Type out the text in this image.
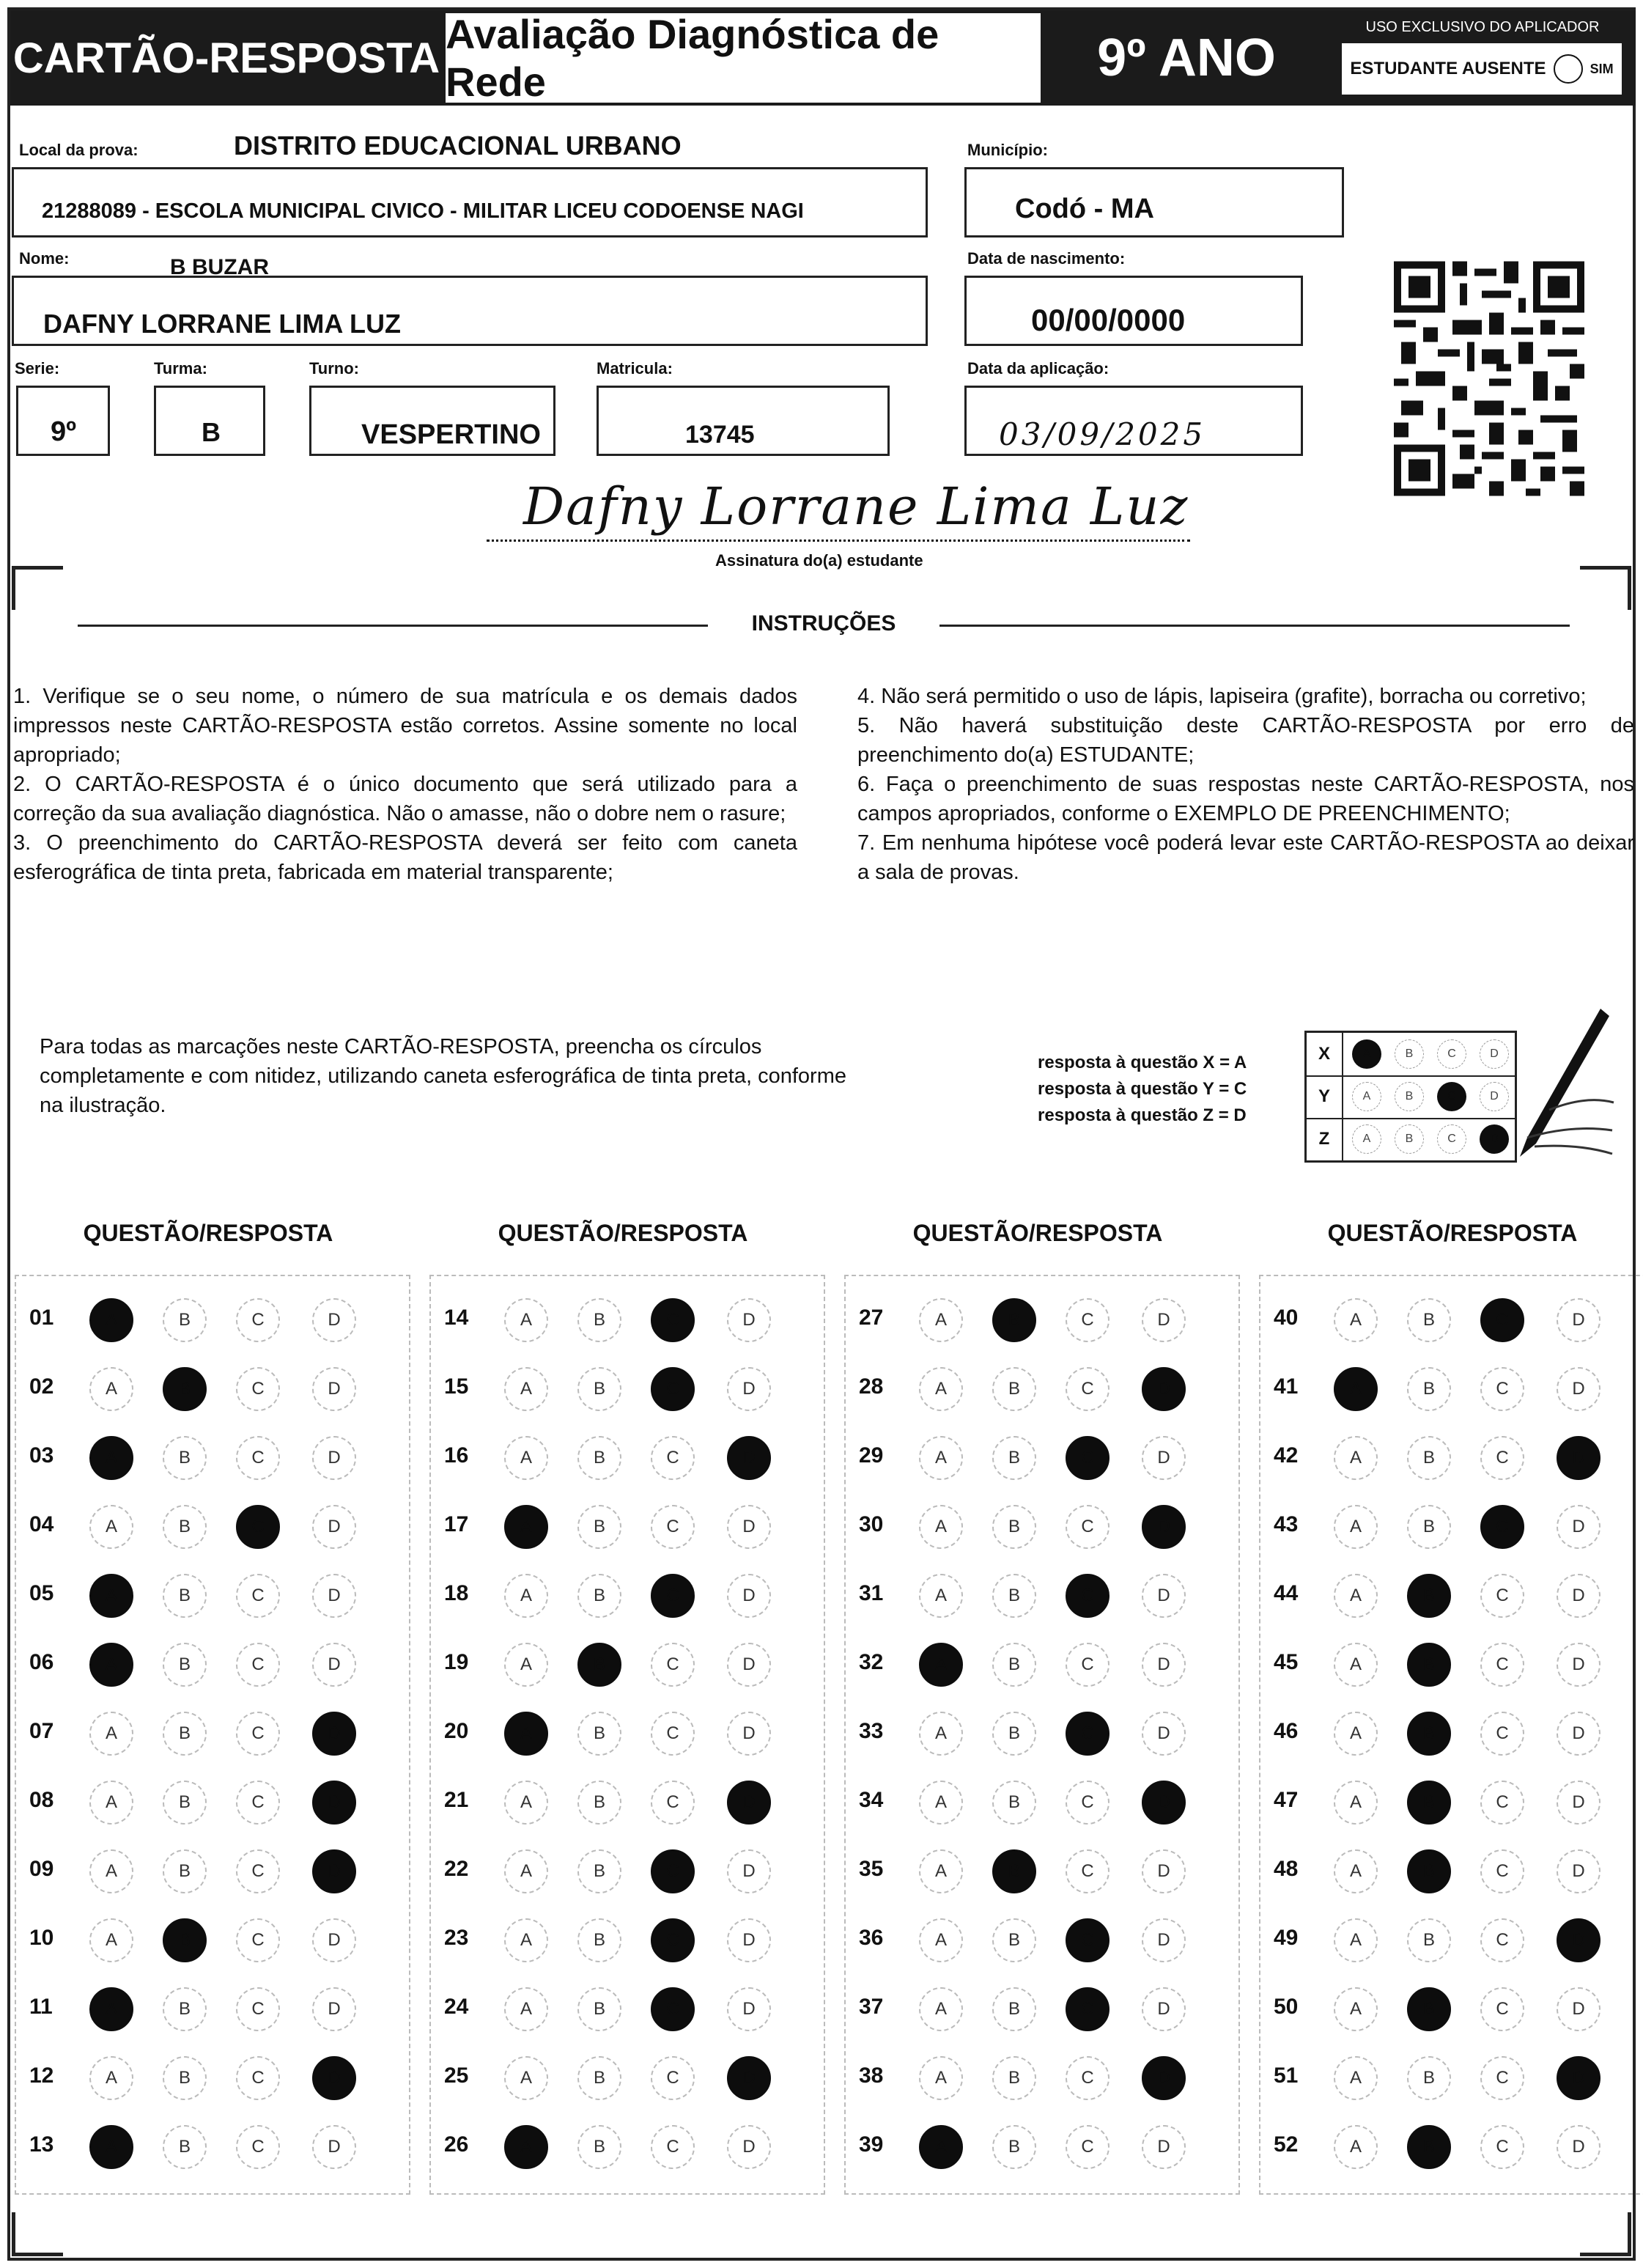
CARTÃO-RESPOSTA Avaliação Diagnóstica de Rede	9º ANO
USO EXCLUSIVO DO APLICADOR
ESTUDANTE AUSENTE	SIM
Local da prova:	DISTRITO EDUCACIONAL URBANO
21288089 - ESCOLA MUNICIPAL CIVICO - MILITAR LICEU CODOENSE NAGI
Município:
Codó - MA
Nome:	B BUZAR
DAFNY LORRANE LIMA LUZ
Data de nascimento:
00/00/0000
Serie:
9º
Turma:
B
Turno:
VESPERTINO
Matricula:
13745
Data da aplicação:
03/09/2025
Dafny Lorrane Lima Luz
Assinatura do(a) estudante
INSTRUÇÕES

1. Verifique se o seu nome, o número de sua matrícula e os demais dados impressos neste CARTÃO-RESPOSTA estão corretos. Assine somente no local apropriado;

2. O CARTÃO-RESPOSTA é o único documento que será utilizado para a correção da sua avaliação diagnóstica. Não o amasse, não o dobre nem o rasure;

3. O preenchimento do CARTÃO-RESPOSTA deverá ser feito com caneta esferográfica de tinta preta, fabricada em material transparente;

4. Não será permitido o uso de lápis, lapiseira (grafite), borracha ou corretivo;

5. Não haverá substituição deste CARTÃO-RESPOSTA por erro de preenchimento do(a) ESTUDANTE;

6. Faça o preenchimento de suas respostas neste CARTÃO-RESPOSTA, nos campos apropriados, conforme o EXEMPLO DE PREENCHIMENTO;

7. Em nenhuma hipótese você poderá levar este CARTÃO-RESPOSTA ao deixar a sala de provas.

Para todas as marcações neste CARTÃO-RESPOSTA, preencha os círculos completamente e com nitidez, utilizando caneta esferográfica de tinta preta, conforme na ilustração.
resposta à questão X = A
resposta à questão Y = C
resposta à questão Z = D
X	A	B	C	D
Y	A	B	C	D
Z	A	B	C	D
QUESTÃO/RESPOSTA	QUESTÃO/RESPOSTA	QUESTÃO/RESPOSTA	QUESTÃO/RESPOSTA
01	A	B	C	D
02	A	B	C	D
03	A	B	C	D
04	A	B	C	D
05	A	B	C	D
06	A	B	C	D
07	A	B	C	D
08	A	B	C	D
09	A	B	C	D
10	A	B	C	D
11	A	B	C	D
12	A	B	C	D
13	A	B	C	D
14	A	B	C	D
15	A	B	C	D
16	A	B	C	D
17	A	B	C	D
18	A	B	C	D
19	A	B	C	D
20	A	B	C	D
21	A	B	C	D
22	A	B	C	D
23	A	B	C	D
24	A	B	C	D
25	A	B	C	D
26	A	B	C	D
27	A	B	C	D
28	A	B	C	D
29	A	B	C	D
30	A	B	C	D
31	A	B	C	D
32	A	B	C	D
33	A	B	C	D
34	A	B	C	D
35	A	B	C	D
36	A	B	C	D
37	A	B	C	D
38	A	B	C	D
39	A	B	C	D
40	A	B	C	D
41	A	B	C	D
42	A	B	C	D
43	A	B	C	D
44	A	B	C	D
45	A	B	C	D
46	A	B	C	D
47	A	B	C	D
48	A	B	C	D
49	A	B	C	D
50	A	B	C	D
51	A	B	C	D
52	A	B	C	D
